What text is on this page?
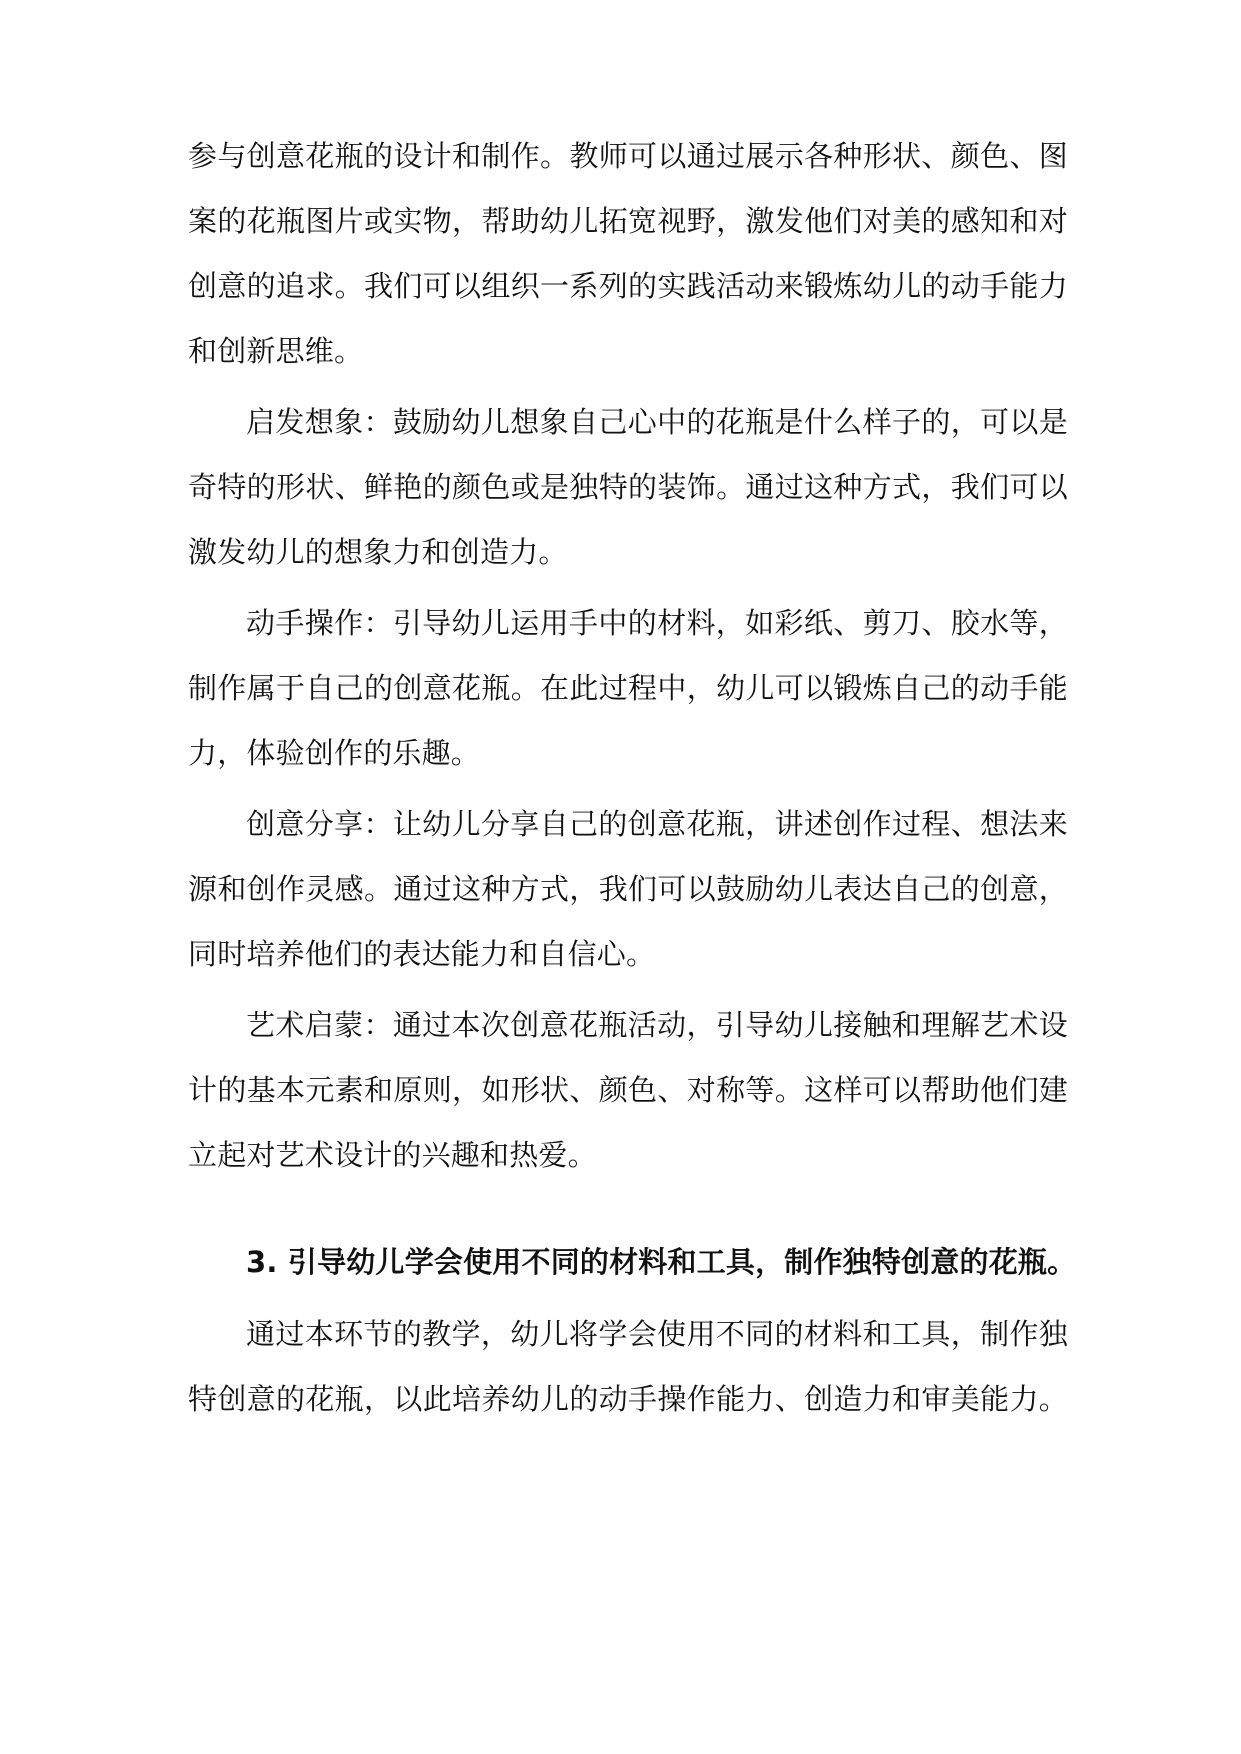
参与创意花瓶的设计和制作。教师可以通过展示各种形状、颜色、图
案的花瓶图片或实物，帮助幼儿拓宽视野，激发他们对美的感知和对
创意的追求。我们可以组织一系列的实践活动来锻炼幼儿的动手能力
和创新思维。
启发想象：鼓励幼儿想象自己心中的花瓶是什么样子的，可以是
奇特的形状、鲜艳的颜色或是独特的装饰。通过这种方式，我们可以
激发幼儿的想象力和创造力。
动手操作：引导幼儿运用手中的材料，如彩纸、剪刀、胶水等，
制作属于自己的创意花瓶。在此过程中，幼儿可以锻炼自己的动手能
力，体验创作的乐趣。
创意分享：让幼儿分享自己的创意花瓶，讲述创作过程、想法来
源和创作灵感。通过这种方式，我们可以鼓励幼儿表达自己的创意，
同时培养他们的表达能力和自信心。
艺术启蒙：通过本次创意花瓶活动，引导幼儿接触和理解艺术设
计的基本元素和原则，如形状、颜色、对称等。这样可以帮助他们建
立起对艺术设计的兴趣和热爱。
3. 引导幼儿学会使用不同的材料和工具，制作独特创意的花瓶。
通过本环节的教学，幼儿将学会使用不同的材料和工具，制作独
特创意的花瓶，以此培养幼儿的动手操作能力、创造力和审美能力。
